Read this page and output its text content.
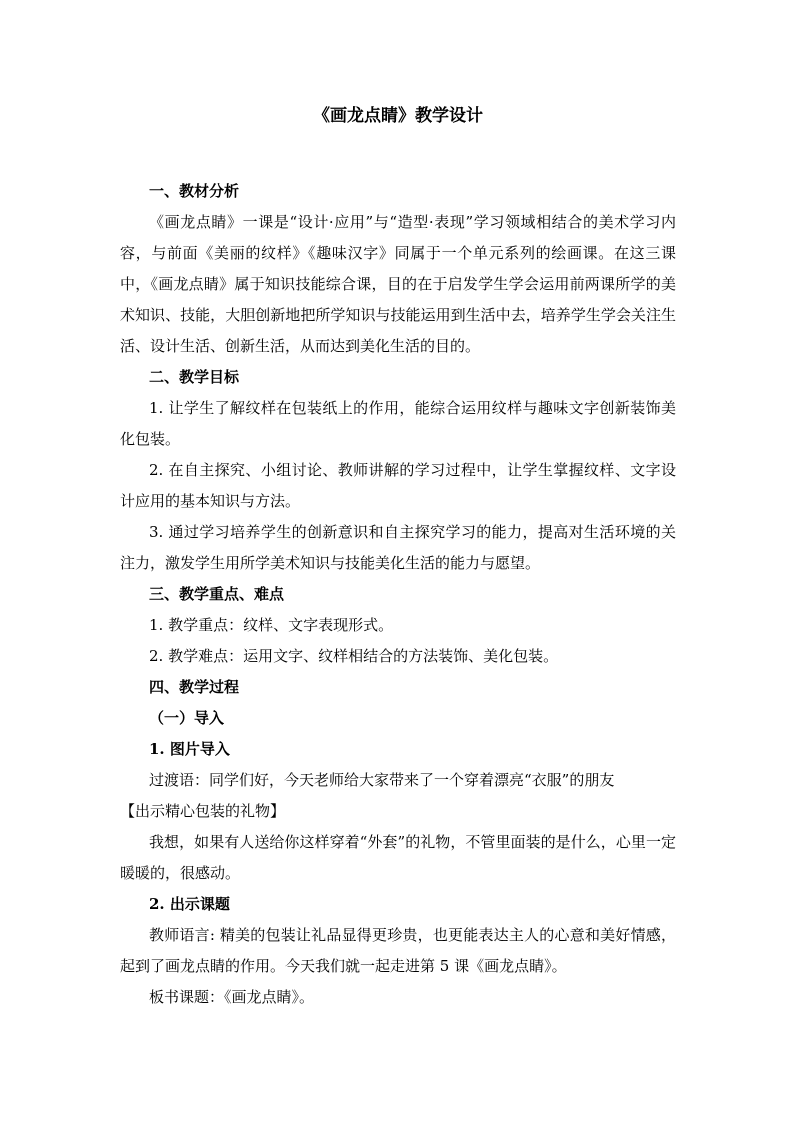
《画龙点睛》教学设计
一、教材分析
《画龙点睛》一课是“设计·应用”与“造型·表现”学习领域相结合的美术学习内容，与前面《美丽的纹样》《趣味汉字》同属于一个单元系列的绘画课。在这三课中，《画龙点睛》属于知识技能综合课，目的在于启发学生学会运用前两课所学的美术知识、技能，大胆创新地把所学知识与技能运用到生活中去，培养学生学会关注生活、设计生活、创新生活，从而达到美化生活的目的。
二、教学目标
1. 让学生了解纹样在包装纸上的作用，能综合运用纹样与趣味文字创新装饰美化包装。
2. 在自主探究、小组讨论、教师讲解的学习过程中，让学生掌握纹样、文字设计应用的基本知识与方法。
3. 通过学习培养学生的创新意识和自主探究学习的能力，提高对生活环境的关注力，激发学生用所学美术知识与技能美化生活的能力与愿望。
三、教学重点、难点
1. 教学重点：纹样、文字表现形式。
2. 教学难点：运用文字、纹样相结合的方法装饰、美化包装。
四、教学过程
（一）导入
1. 图片导入
过渡语：同学们好，今天老师给大家带来了一个穿着漂亮“衣服”的朋友
【出示精心包装的礼物】
我想，如果有人送给你这样穿着“外套”的礼物，不管里面装的是什么，心里一定暖暖的，很感动。
2. 出示课题
教师语言: 精美的包装让礼品显得更珍贵，也更能表达主人的心意和美好情感，起到了画龙点睛的作用。今天我们就一起走进第 5 课《画龙点睛》。
板书课题：《画龙点睛》。
